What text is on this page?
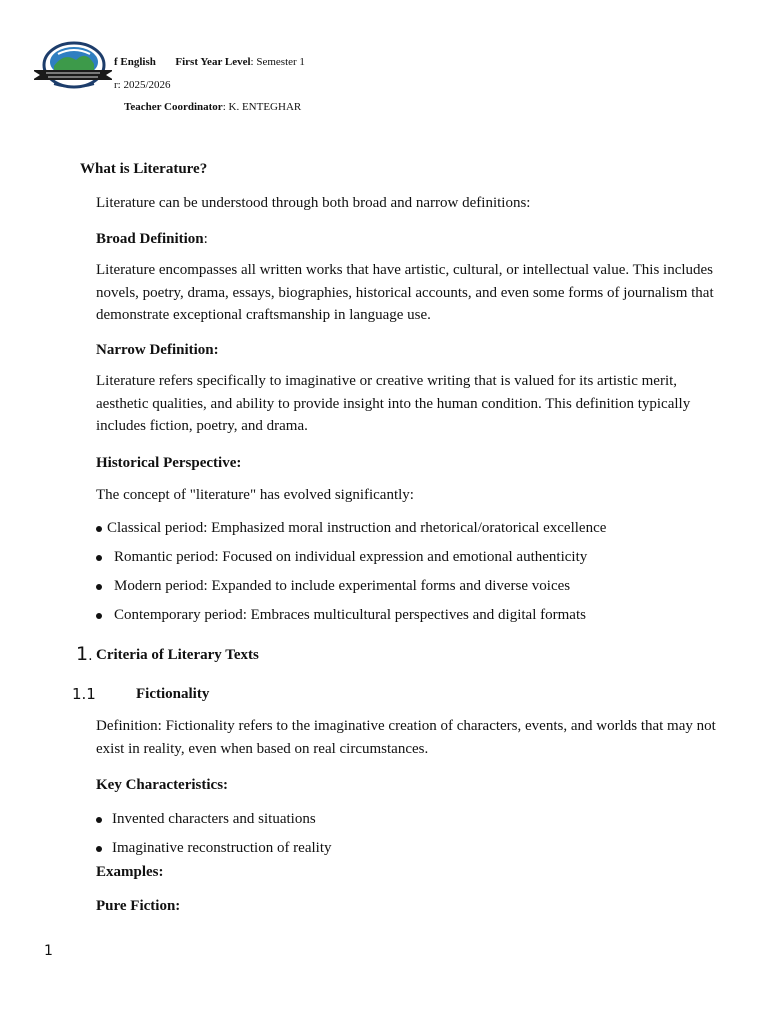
f English First Year Level: Semester 1
r: 2025/2026
Teacher Coordinator: K. ENTEGHAR
What is Literature?
Literature can be understood through both broad and narrow definitions:
Broad Definition:
Literature encompasses all written works that have artistic, cultural, or intellectual value. This includes novels, poetry, drama, essays, biographies, historical accounts, and even some forms of journalism that demonstrate exceptional craftsmanship in language use.
Narrow Definition:
Literature refers specifically to imaginative or creative writing that is valued for its artistic merit, aesthetic qualities, and ability to provide insight into the human condition. This definition typically includes fiction, poetry, and drama.
Historical Perspective:
The concept of "literature" has evolved significantly:
Classical period: Emphasized moral instruction and rhetorical/oratorical excellence
Romantic period: Focused on individual expression and emotional authenticity
Modern period: Expanded to include experimental forms and diverse voices
Contemporary period: Embraces multicultural perspectives and digital formats
1. Criteria of Literary Texts
1.1	Fictionality
Definition: Fictionality refers to the imaginative creation of characters, events, and worlds that may not exist in reality, even when based on real circumstances.
Key Characteristics:
Invented characters and situations
Imaginative reconstruction of reality
Examples:
Pure Fiction:
1
